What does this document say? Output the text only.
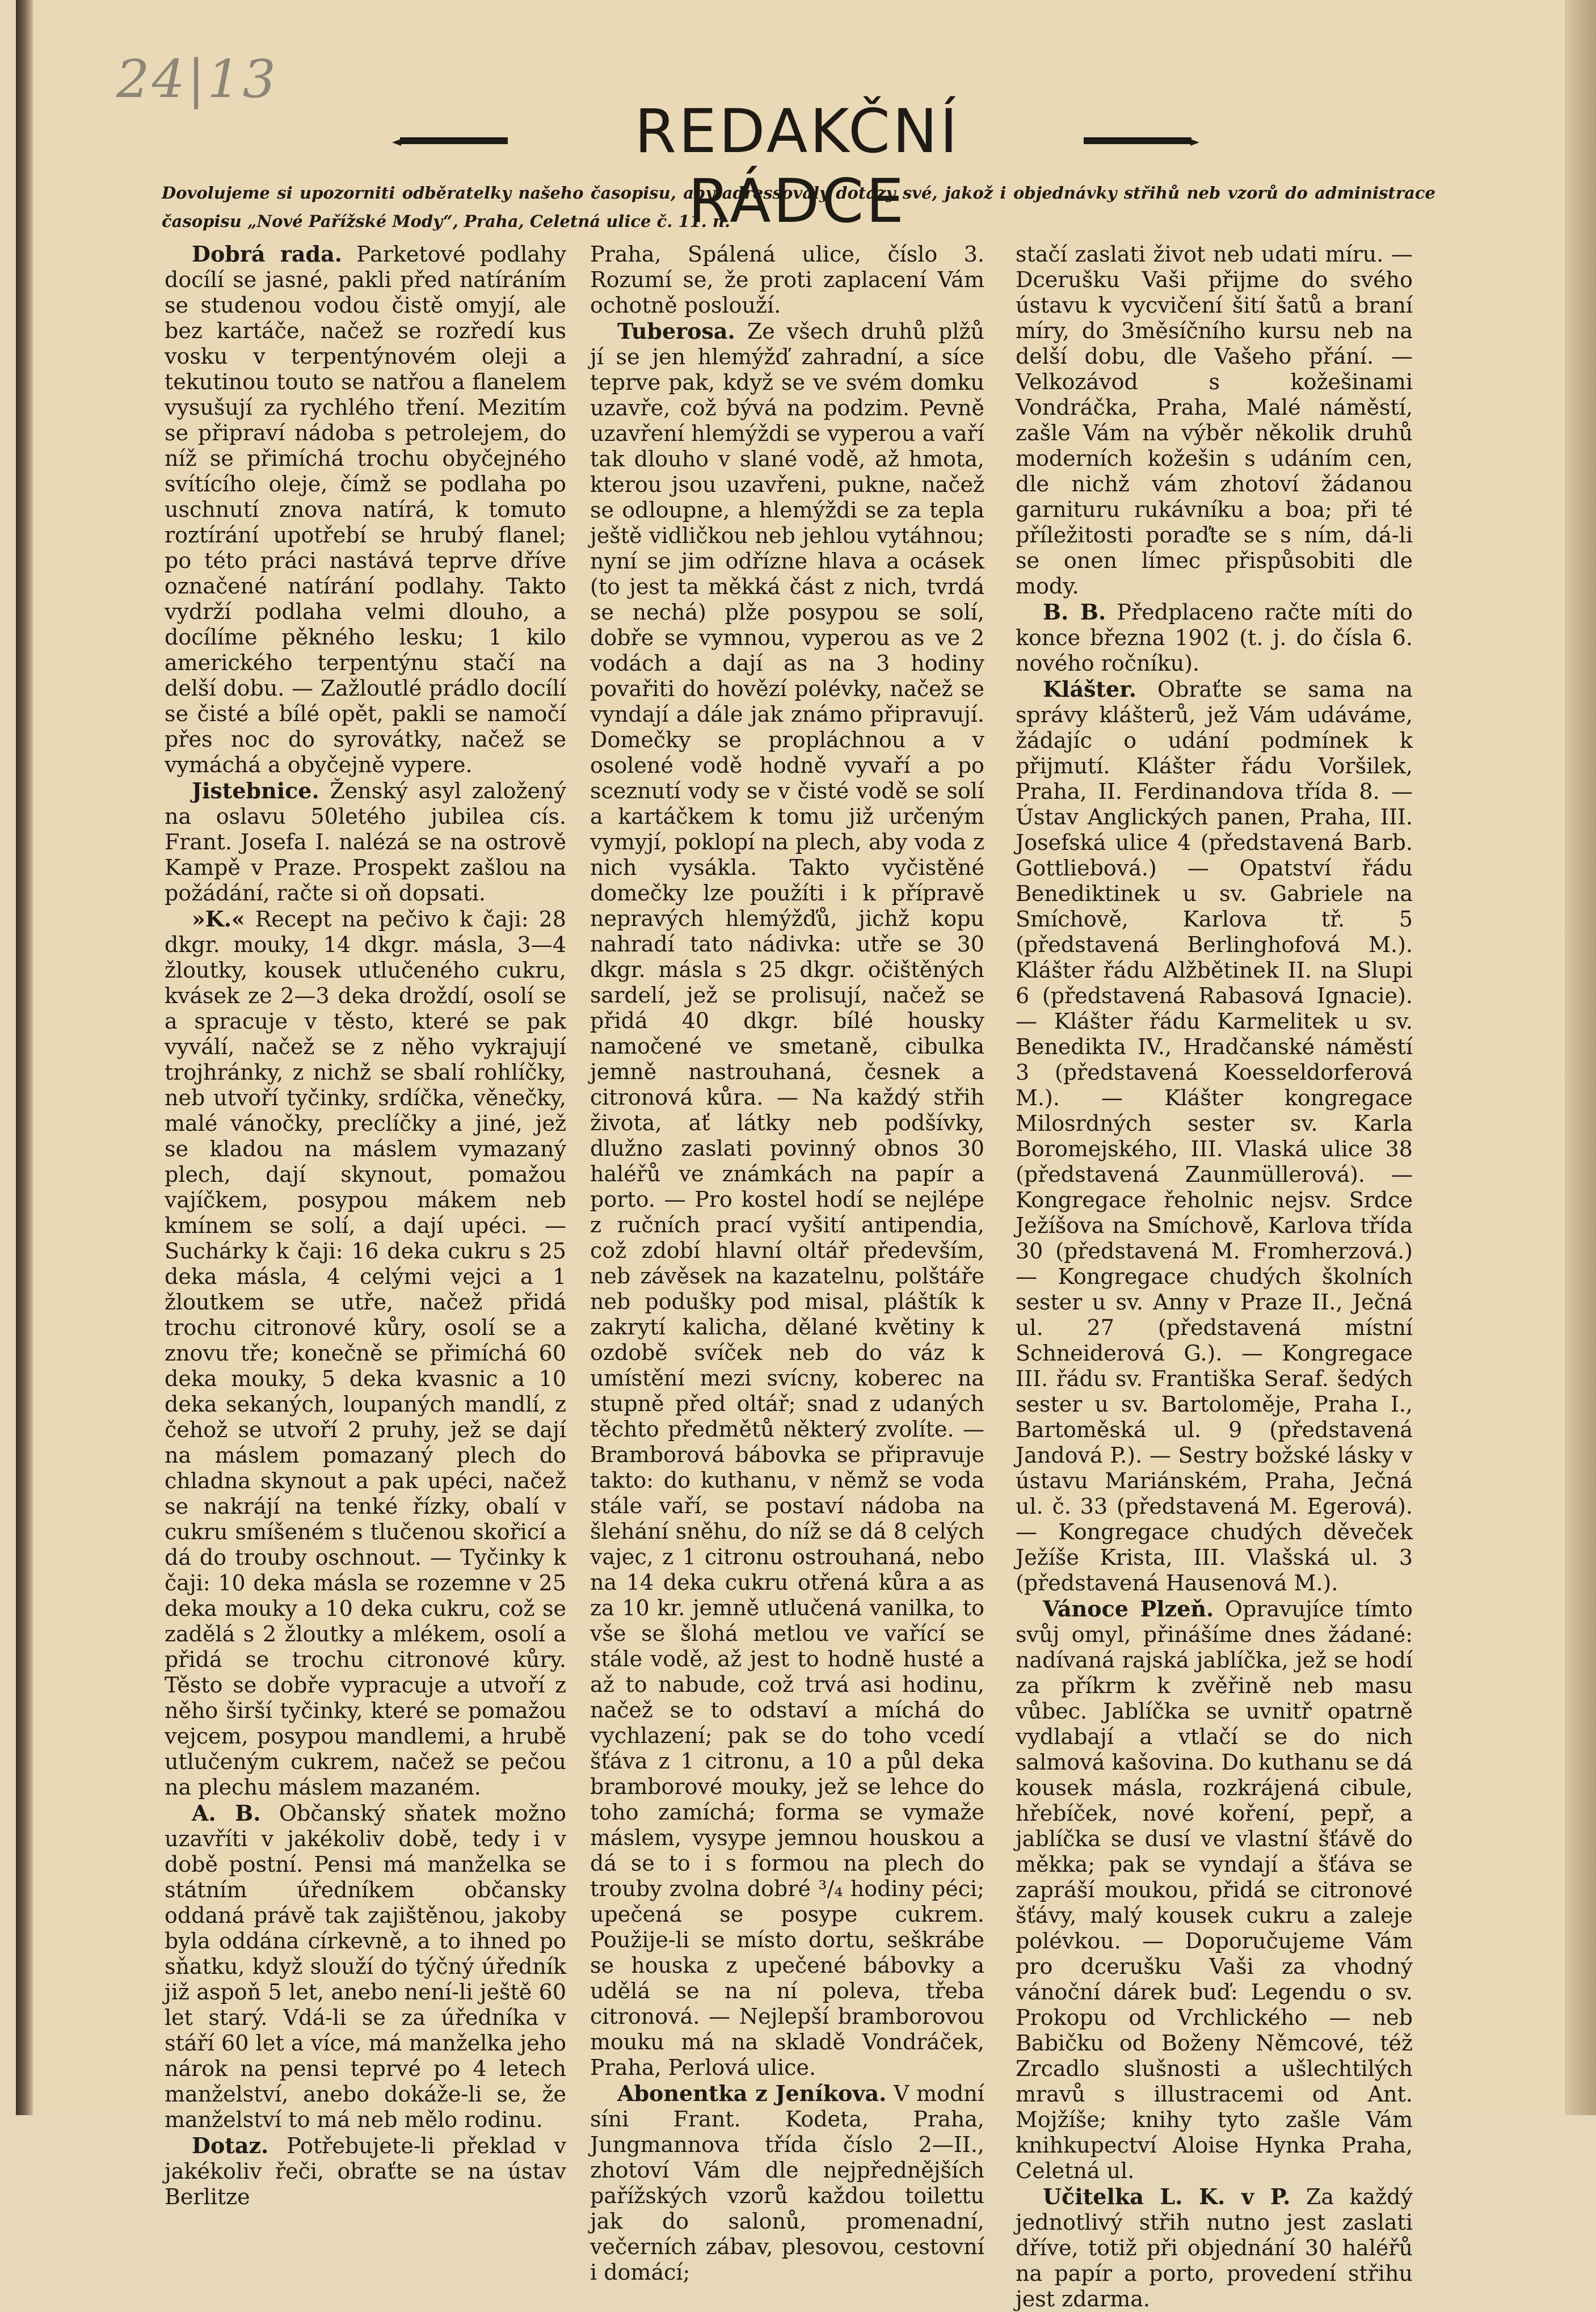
24|13
REDAKČNÍ RÁDCE
Dovolujeme si upozorniti odběratelky našeho časopisu, aby adressovaly dotazy své, jakož i objednávky střihů neb vzorů do administrace časopisu „Nové Pařížské Mody“, Praha, Celetná ulice č. 11. n.

Dobrá rada. Parketové podlahy docílí se jasné, pakli před natíráním se studenou vodou čistě omyjí, ale bez kartáče, načež se rozředí kus vosku v terpentýnovém oleji a tekutinou touto se natřou a flanelem vysušují za rychlého tření. Mezitím se připraví nádoba s petrolejem, do níž se přimíchá trochu obyčejného svítícího oleje, čímž se podlaha po uschnutí znova natírá, k tomuto roztírání upotřebí se hrubý flanel; po této práci nastává teprve dříve označené natírání podlahy. Takto vydrží podlaha velmi dlouho, a docílíme pěkného lesku; 1 kilo amerického terpentýnu stačí na delší dobu. — Zažloutlé prádlo docílí se čisté a bílé opět, pakli se namočí přes noc do syrovátky, načež se vymáchá a obyčejně vypere.

Jistebnice. Ženský asyl založený na oslavu 50letého jubilea cís. Frant. Josefa I. nalézá se na ostrově Kampě v Praze. Prospekt zašlou na požádání, račte si oň dopsati.

»K.« Recept na pečivo k čaji: 28 dkgr. mouky, 14 dkgr. másla, 3—4 žloutky, kousek utlučeného cukru, kvásek ze 2—3 deka droždí, osolí se a spracuje v těsto, které se pak vyválí, načež se z něho vykrajují trojhránky, z nichž se sbalí rohlíčky, neb utvoří tyčinky, srdíčka, věnečky, malé vánočky, preclíčky a jiné, jež se kladou na máslem vymazaný plech, dají skynout, pomažou vajíčkem, posypou mákem neb kmínem se solí, a dají upéci. — Suchárky k čaji: 16 deka cukru s 25 deka másla, 4 celými vejci a 1 žloutkem se utře, načež přidá trochu citronové kůry, osolí se a znovu tře; konečně se přimíchá 60 deka mouky, 5 deka kvasnic a 10 deka sekaných, loupaných mandlí, z čehož se utvoří 2 pruhy, jež se dají na máslem pomazaný plech do chladna skynout a pak upéci, načež se nakrájí na tenké řízky, obalí v cukru smíšeném s tlučenou skořicí a dá do trouby oschnout. — Tyčinky k čaji: 10 deka másla se rozemne v 25 deka mouky a 10 deka cukru, což se zadělá s 2 žloutky a mlékem, osolí a přidá se trochu citronové kůry. Těsto se dobře vypracuje a utvoří z něho širší tyčinky, které se pomažou vejcem, posypou mandlemi, a hrubě utlučeným cukrem, načež se pečou na plechu máslem mazaném.

A. B. Občanský sňatek možno uzavříti v jakékoliv době, tedy i v době postní. Pensi má manželka se státním úředníkem občansky oddaná právě tak zajištěnou, jakoby byla oddána církevně, a to ihned po sňatku, když slouží do týčný úředník již aspoň 5 let, anebo není-li ještě 60 let starý. Vdá-li se za úředníka v stáří 60 let a více, má manželka jeho nárok na pensi teprvé po 4 letech manželství, anebo dokáže-li se, že manželství to má neb mělo rodinu.

Dotaz. Potřebujete-li překlad v jakékoliv řeči, obraťte se na ústav Berlitze

Praha, Spálená ulice, číslo 3. Rozumí se, že proti zaplacení Vám ochotně poslouží.

Tuberosa. Ze všech druhů plžů jí se jen hlemýžď zahradní, a síce teprve pak, když se ve svém domku uzavře, což bývá na podzim. Pevně uzavření hlemýždi se vyperou a vaří tak dlouho v slané vodě, až hmota, kterou jsou uzavřeni, pukne, načež se odloupne, a hlemýždi se za tepla ještě vidličkou neb jehlou vytáhnou; nyní se jim odřízne hlava a ocásek (to jest ta měkká část z nich, tvrdá se nechá) plže posypou se solí, dobře se vymnou, vyperou as ve 2 vodách a dají as na 3 hodiny povařiti do hovězí polévky, načež se vyndají a dále jak známo připravují. Domečky se propláchnou a v osolené vodě hodně vyvaří a po sceznutí vody se v čisté vodě se solí a kartáčkem k tomu již určeným vymyjí, poklopí na plech, aby voda z nich vysákla. Takto vyčistěné domečky lze použíti i k přípravě nepravých hlemýžďů, jichž kopu nahradí tato nádivka: utře se 30 dkgr. másla s 25 dkgr. očištěných sardelí, jež se prolisují, načež se přidá 40 dkgr. bílé housky namočené ve smetaně, cibulka jemně nastrouhaná, česnek a citronová kůra. — Na každý střih života, ať látky neb podšívky, dlužno zaslati povinný obnos 30 haléřů ve známkách na papír a porto. — Pro kostel hodí se nejlépe z ručních prací vyšití antipendia, což zdobí hlavní oltář především, neb závěsek na kazatelnu, polštáře neb podušky pod misal, pláštík k zakrytí kalicha, dělané květiny k ozdobě svíček neb do váz k umístění mezi svícny, koberec na stupně před oltář; snad z udaných těchto předmětů některý zvolíte. — Bramborová bábovka se připravuje takto: do kuthanu, v němž se voda stále vaří, se postaví nádoba na šlehání sněhu, do níž se dá 8 celých vajec, z 1 citronu ostrouhaná, nebo na 14 deka cukru otřená kůra a as za 10 kr. jemně utlučená vanilka, to vše se šlohá metlou ve vařící se stále vodě, až jest to hodně husté a až to nabude, což trvá asi hodinu, načež se to odstaví a míchá do vychlazení; pak se do toho vcedí šťáva z 1 citronu, a 10 a půl deka bramborové mouky, jež se lehce do toho zamíchá; forma se vymaže máslem, vysype jemnou houskou a dá se to i s formou na plech do trouby zvolna dobré ³/₄ hodiny péci; upečená se posype cukrem. Použije-li se místo dortu, seškrábe se houska z upečené bábovky a udělá se na ní poleva, třeba citronová. — Nejlepší bramborovou mouku má na skladě Vondráček, Praha, Perlová ulice.

Abonentka z Jeníkova. V modní síni Frant. Kodeta, Praha, Jungmannova třída číslo 2—II., zhotoví Vám dle nejpřednějších pařížských vzorů každou toilettu jak do salonů, promenadní, večerních zábav, plesovou, cestovní i domácí;

stačí zaslati život neb udati míru. — Dcerušku Vaši přijme do svého ústavu k vycvičení šití šatů a braní míry, do 3měsíčního kursu neb na delší dobu, dle Vašeho přání. — Velkozávod s kožešinami Vondráčka, Praha, Malé náměstí, zašle Vám na výběr několik druhů moderních kožešin s udáním cen, dle nichž vám zhotoví žádanou garnituru rukávníku a boa; při té příležitosti poraďte se s ním, dá-li se onen límec přispůsobiti dle mody.

B. B. Předplaceno račte míti do konce března 1902 (t. j. do čísla 6. nového ročníku).

Klášter. Obraťte se sama na správy klášterů, jež Vám udáváme, žádajíc o udání podmínek k přijmutí. Klášter řádu Voršilek, Praha, II. Ferdinandova třída 8. — Ústav Anglických panen, Praha, III. Josefská ulice 4 (představená Barb. Gottliebová.) — Opatství řádu Benediktinek u sv. Gabriele na Smíchově, Karlova tř. 5 (představená Berlinghofová M.). Klášter řádu Alžbětinek II. na Slupi 6 (představená Rabasová Ignacie). — Klášter řádu Karmelitek u sv. Benedikta IV., Hradčanské náměstí 3 (představená Koesseldorferová M.). — Klášter kongregace Milosrdných sester sv. Karla Boromejského, III. Vlaská ulice 38 (představená Zaunmüllerová). — Kongregace řeholnic nejsv. Srdce Ježíšova na Smíchově, Karlova třída 30 (představená M. Fromherzová.) — Kongregace chudých školních sester u sv. Anny v Praze II., Ječná ul. 27 (představená místní Schneiderová G.). — Kongregace III. řádu sv. Františka Seraf. šedých sester u sv. Bartoloměje, Praha I., Bartoměská ul. 9 (představená Jandová P.). — Sestry božské lásky v ústavu Mariánském, Praha, Ječná ul. č. 33 (představená M. Egerová). — Kongregace chudých děveček Ježíše Krista, III. Vlašská ul. 3 (představená Hausenová M.).

Vánoce Plzeň. Opravujíce tímto svůj omyl, přinášíme dnes žádané: nadívaná rajská jablíčka, jež se hodí za příkrm k zvěřině neb masu vůbec. Jablíčka se uvnitř opatrně vydlabají a vtlačí se do nich salmová kašovina. Do kuthanu se dá kousek másla, rozkrájená cibule, hřebíček, nové koření, pepř, a jablíčka se dusí ve vlastní šťávě do měkka; pak se vyndají a šťáva se zapráší moukou, přidá se citronové šťávy, malý kousek cukru a zaleje polévkou. — Doporučujeme Vám pro dcerušku Vaši za vhodný vánoční dárek buď: Legendu o sv. Prokopu od Vrchlického — neb Babičku od Boženy Němcové, též Zrcadlo slušnosti a ušlechtilých mravů s illustracemi od Ant. Mojžíše; knihy tyto zašle Vám knihkupectví Aloise Hynka Praha, Celetná ul.

Učitelka L. K. v P. Za každý jednotlivý střih nutno jest zaslati dříve, totiž při objednání 30 haléřů na papír a porto, provedení střihu jest zdarma.
